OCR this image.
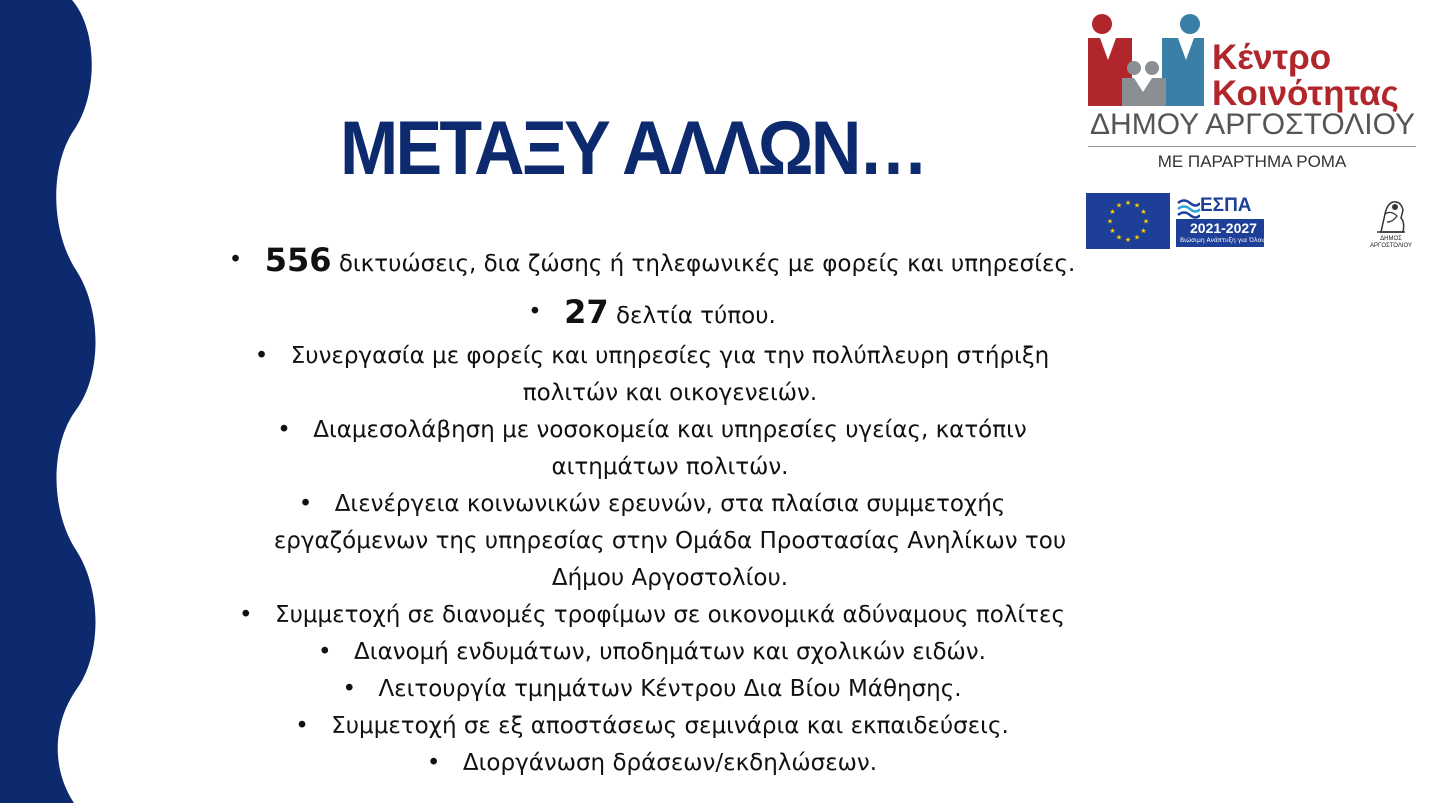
ΜΕΤΑΞΥ ΑΛΛΩΝ…
• 556 δικτυώσεις, δια ζώσης ή τηλεφωνικές με φορείς και υπηρεσίες.
• 27 δελτία τύπου.
• Συνεργασία με φορείς και υπηρεσίες για την πολύπλευρη στήριξη
πολιτών και οικογενειών.
• Διαμεσολάβηση με νοσοκομεία και υπηρεσίες υγείας, κατόπιν
αιτημάτων πολιτών.
• Διενέργεια κοινωνικών ερευνών, στα πλαίσια συμμετοχής
εργαζόμενων της υπηρεσίας στην Ομάδα Προστασίας Ανηλίκων του
Δήμου Αργοστολίου.
• Συμμετοχή σε διανομές τροφίμων σε οικονομικά αδύναμους πολίτες
• Διανομή ενδυμάτων, υποδημάτων και σχολικών ειδών.
• Λειτουργία τμημάτων Κέντρου Δια Βίου Μάθησης.
• Συμμετοχή σε εξ αποστάσεως σεμινάρια και εκπαιδεύσεις.
• Διοργάνωση δράσεων/εκδηλώσεων.
Κέντρο
Κοινότητας
ΔΗΜΟΥ ΑΡΓΟΣΤΟΛΙΟΥ
ΜΕ ΠΑΡΑΡΤΗΜΑ ΡΟΜΑ
★ ★
★
★
★
★
★
★
★
★
★
★	ΕΣΠΑ
2021-2027
Βιώσιμη Ανάπτυξη για Όλους	ΔΗΜΟΣ
ΑΡΓΟΣΤΟΛΙΟΥ
